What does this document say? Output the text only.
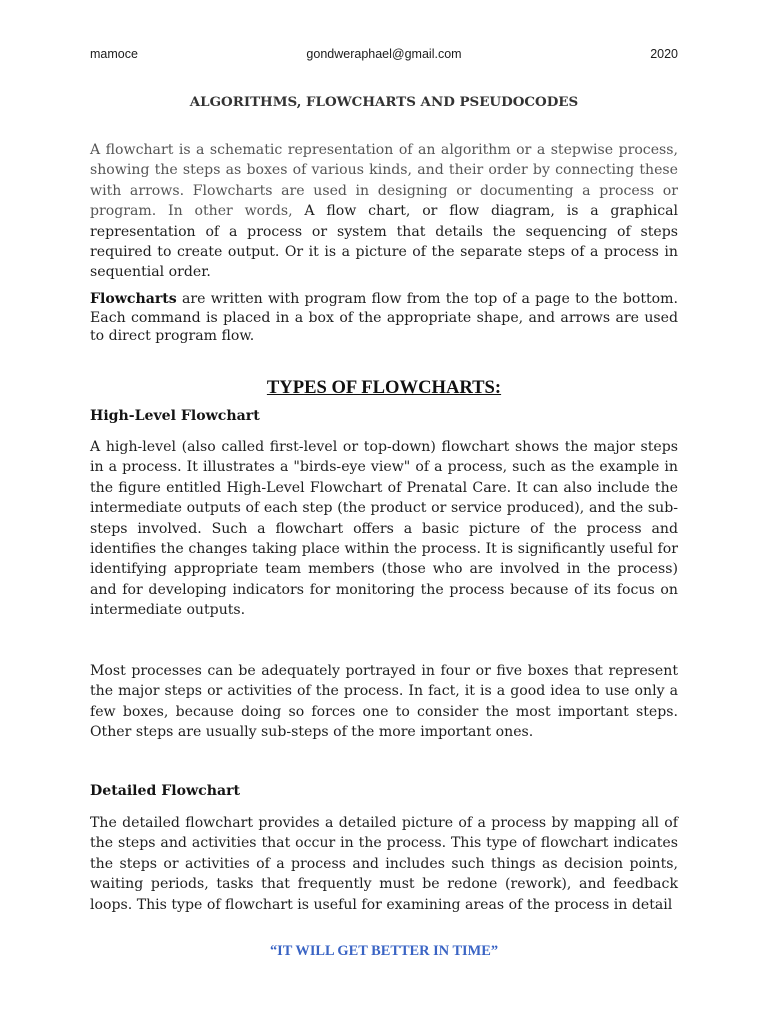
mamoce	gondweraphael@gmail.com	2020
ALGORITHMS, FLOWCHARTS AND PSEUDOCODES

A flowchart is a schematic representation of an algorithm or a stepwise process, showing the steps as boxes of various kinds, and their order by connecting these with arrows. Flowcharts are used in designing or documenting a process or program. In other words, A flow chart, or flow diagram, is a graphical representation of a process or system that details the sequencing of steps required to create output. Or it is a picture of the separate steps of a process in sequential order.

Flowcharts are written with program flow from the top of a page to the bottom. Each command is placed in a box of the appropriate shape, and arrows are used to direct program flow.

TYPES OF FLOWCHARTS:
High-Level Flowchart

A high-level (also called first-level or top-down) flowchart shows the major steps in a process. It illustrates a "birds-eye view" of a process, such as the example in the figure entitled High-Level Flowchart of Prenatal Care. It can also include the intermediate outputs of each step (the product or service produced), and the sub-steps involved. Such a flowchart offers a basic picture of the process and identifies the changes taking place within the process. It is significantly useful for identifying appropriate team members (those who are involved in the process) and for developing indicators for monitoring the process because of its focus on intermediate outputs.

Most processes can be adequately portrayed in four or five boxes that represent the major steps or activities of the process. In fact, it is a good idea to use only a few boxes, because doing so forces one to consider the most important steps. Other steps are usually sub-steps of the more important ones.

Detailed Flowchart

The detailed flowchart provides a detailed picture of a process by mapping all of the steps and activities that occur in the process. This type of flowchart indicates the steps or activities of a process and includes such things as decision points, waiting periods, tasks that frequently must be redone (rework), and feedback loops. This type of flowchart is useful for examining areas of the process in detail

“IT WILL GET BETTER IN TIME”
